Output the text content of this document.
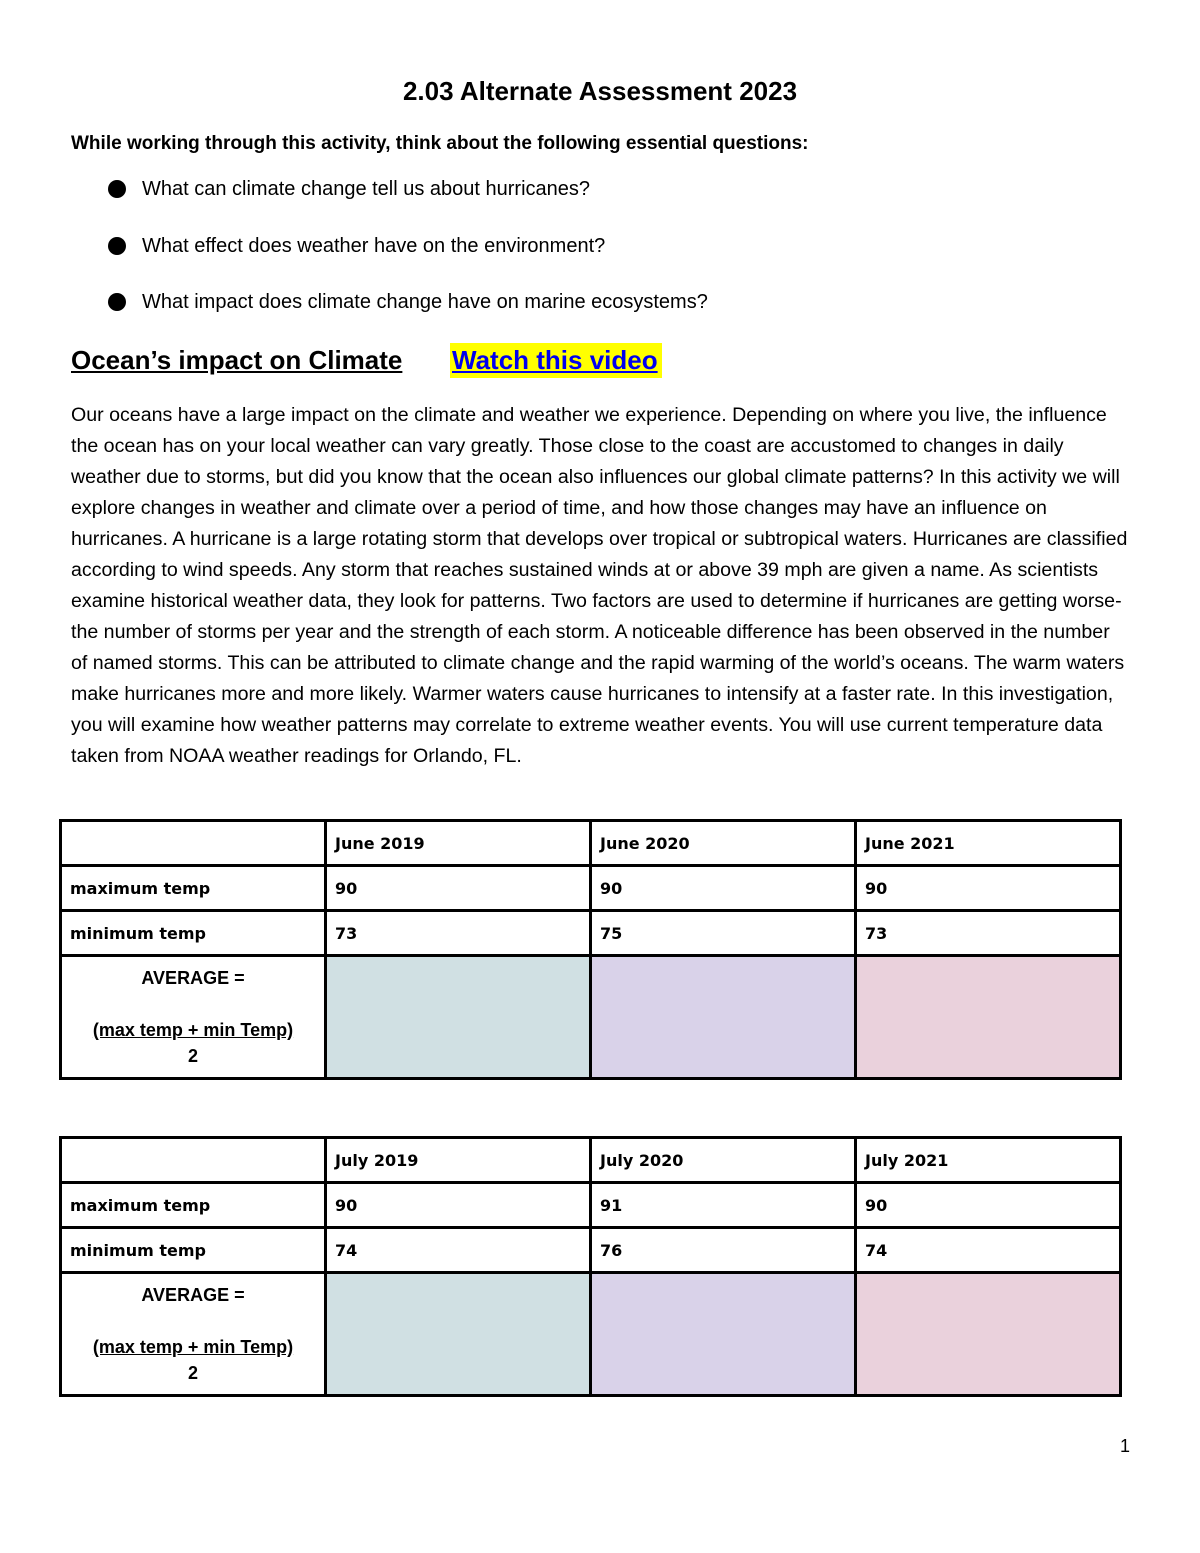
2.03 Alternate Assessment 2023
While working through this activity, think about the following essential questions:
What can climate change tell us about hurricanes?
What effect does weather have on the environment?
What impact does climate change have on marine ecosystems?
Ocean’s impact on Climate Watch this video

Our oceans have a large impact on the climate and weather we experience. Depending on where you live, the influence the ocean has on your local weather can vary greatly. Those close to the coast are accustomed to changes in daily weather due to storms, but did you know that the ocean also influences our global climate patterns? In this activity we will explore changes in weather and climate over a period of time, and how those changes may have an influence on hurricanes. A hurricane is a large rotating storm that develops over tropical or subtropical waters. Hurricanes are classified according to wind speeds. Any storm that reaches sustained winds at or above 39 mph are given a name. As scientists examine historical weather data, they look for patterns. Two factors are used to determine if hurricanes are getting worse- the number of storms per year and the strength of each storm. A noticeable difference has been observed in the number of named storms. This can be attributed to climate change and the rapid warming of the world’s oceans. The warm waters make hurricanes more and more likely. Warmer waters cause hurricanes to intensify at a faster rate. In this investigation, you will examine how weather patterns may correlate to extreme weather events. You will use current temperature data taken from NOAA weather readings for Orlando, FL.

	June 2019	June 2020	June 2021
maximum temp	90	90	90
minimum temp	73	75	73
AVERAGE =
(max temp + min Temp)
2			

	July 2019	July 2020	July 2021
maximum temp	90	91	90
minimum temp	74	76	74
AVERAGE =
(max temp + min Temp)
2			

1
